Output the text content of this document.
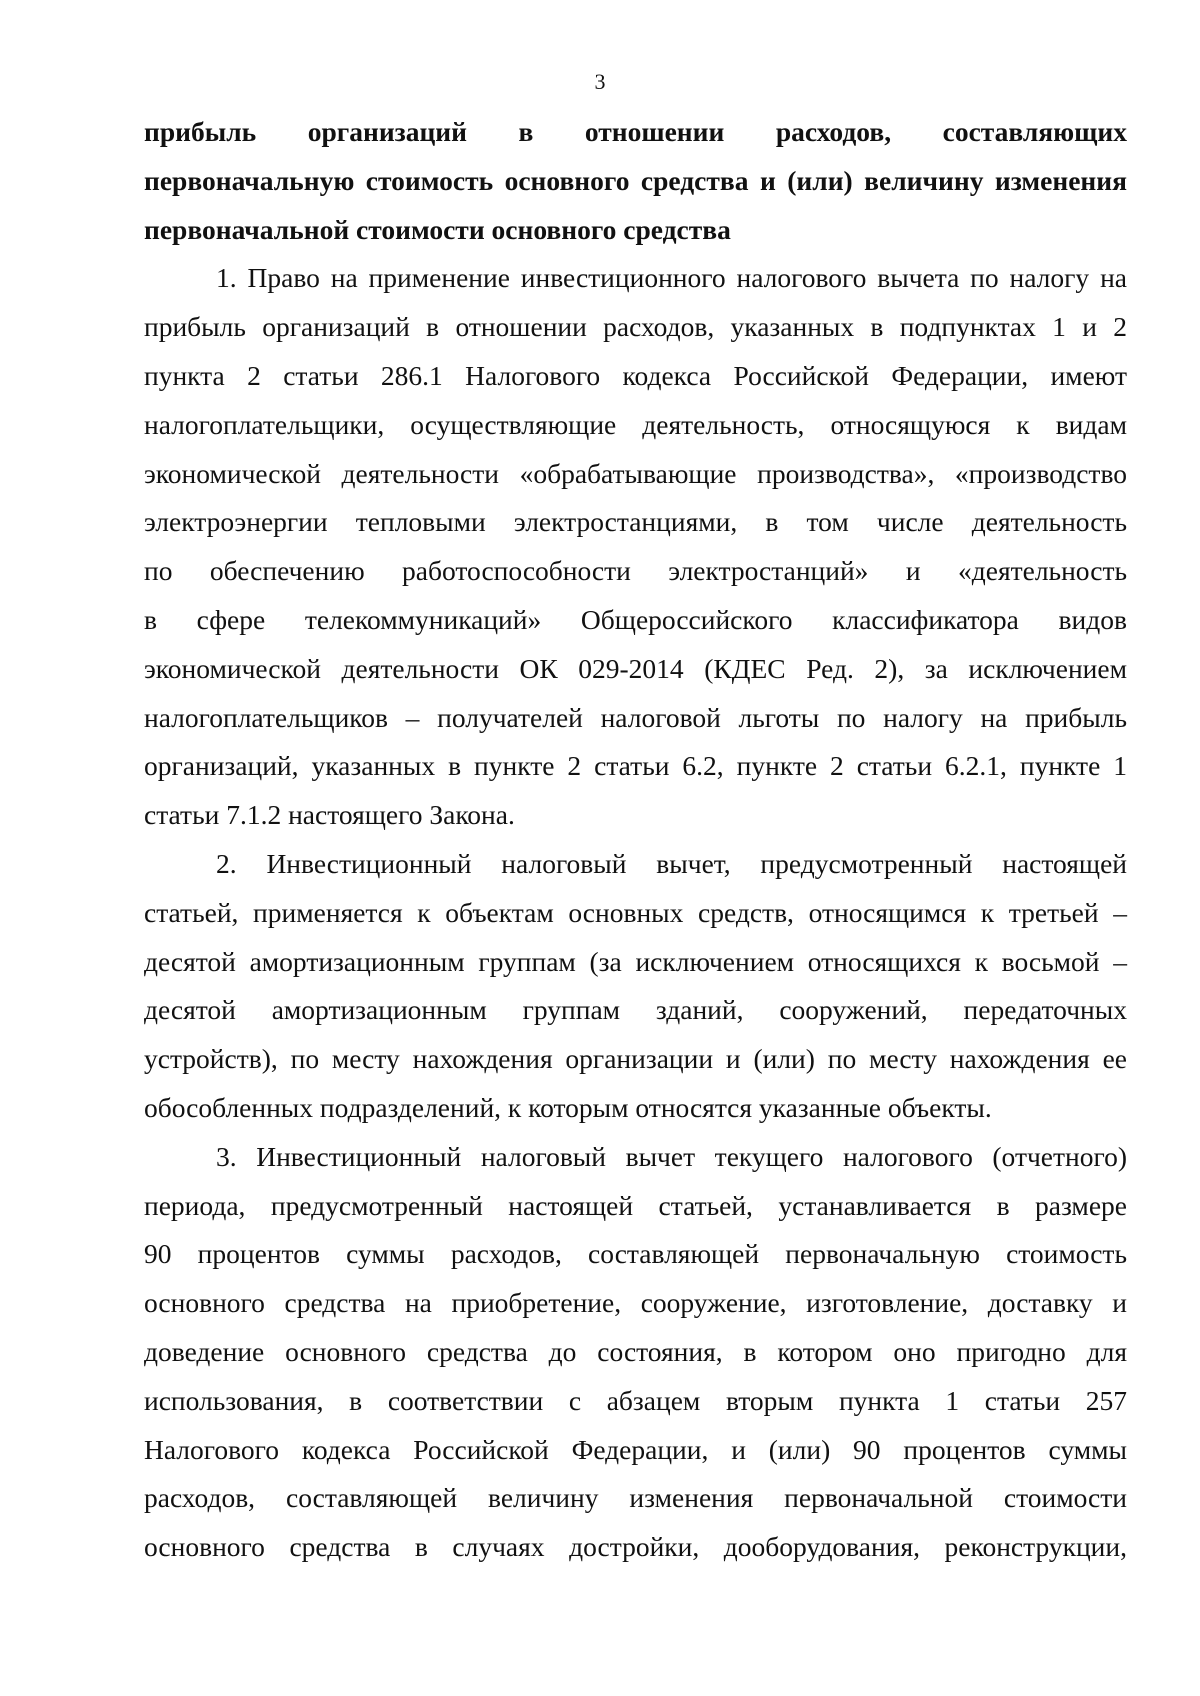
3
прибыль организаций в отношении расходов, составляющих
первоначальную стоимость основного средства и (или) величину изменения
первоначальной стоимости основного средства
1. Право на применение инвестиционного налогового вычета по налогу на
прибыль организаций в отношении расходов, указанных в подпунктах 1 и 2
пункта 2 статьи 286.1 Налогового кодекса Российской Федерации, имеют
налогоплательщики, осуществляющие деятельность, относящуюся к видам
экономической деятельности «обрабатывающие производства», «производство
электроэнергии тепловыми электростанциями, в том числе деятельность
по обеспечению работоспособности электростанций» и «деятельность
в сфере телекоммуникаций» Общероссийского классификатора видов
экономической деятельности ОК 029-2014 (КДЕС Ред. 2), за исключением
налогоплательщиков – получателей налоговой льготы по налогу на прибыль
организаций, указанных в пункте 2 статьи 6.2, пункте 2 статьи 6.2.1, пункте 1
статьи 7.1.2 настоящего Закона.
2. Инвестиционный налоговый вычет, предусмотренный настоящей
статьей, применяется к объектам основных средств, относящимся к третьей –
десятой амортизационным группам (за исключением относящихся к восьмой –
десятой амортизационным группам зданий, сооружений, передаточных
устройств), по месту нахождения организации и (или) по месту нахождения ее
обособленных подразделений, к которым относятся указанные объекты.
3. Инвестиционный налоговый вычет текущего налогового (отчетного)
периода, предусмотренный настоящей статьей, устанавливается в размере
90 процентов суммы расходов, составляющей первоначальную стоимость
основного средства на приобретение, сооружение, изготовление, доставку и
доведение основного средства до состояния, в котором оно пригодно для
использования, в соответствии с абзацем вторым пункта 1 статьи 257
Налогового кодекса Российской Федерации, и (или) 90 процентов суммы
расходов, составляющей величину изменения первоначальной стоимости
основного средства в случаях достройки, дооборудования, реконструкции,
